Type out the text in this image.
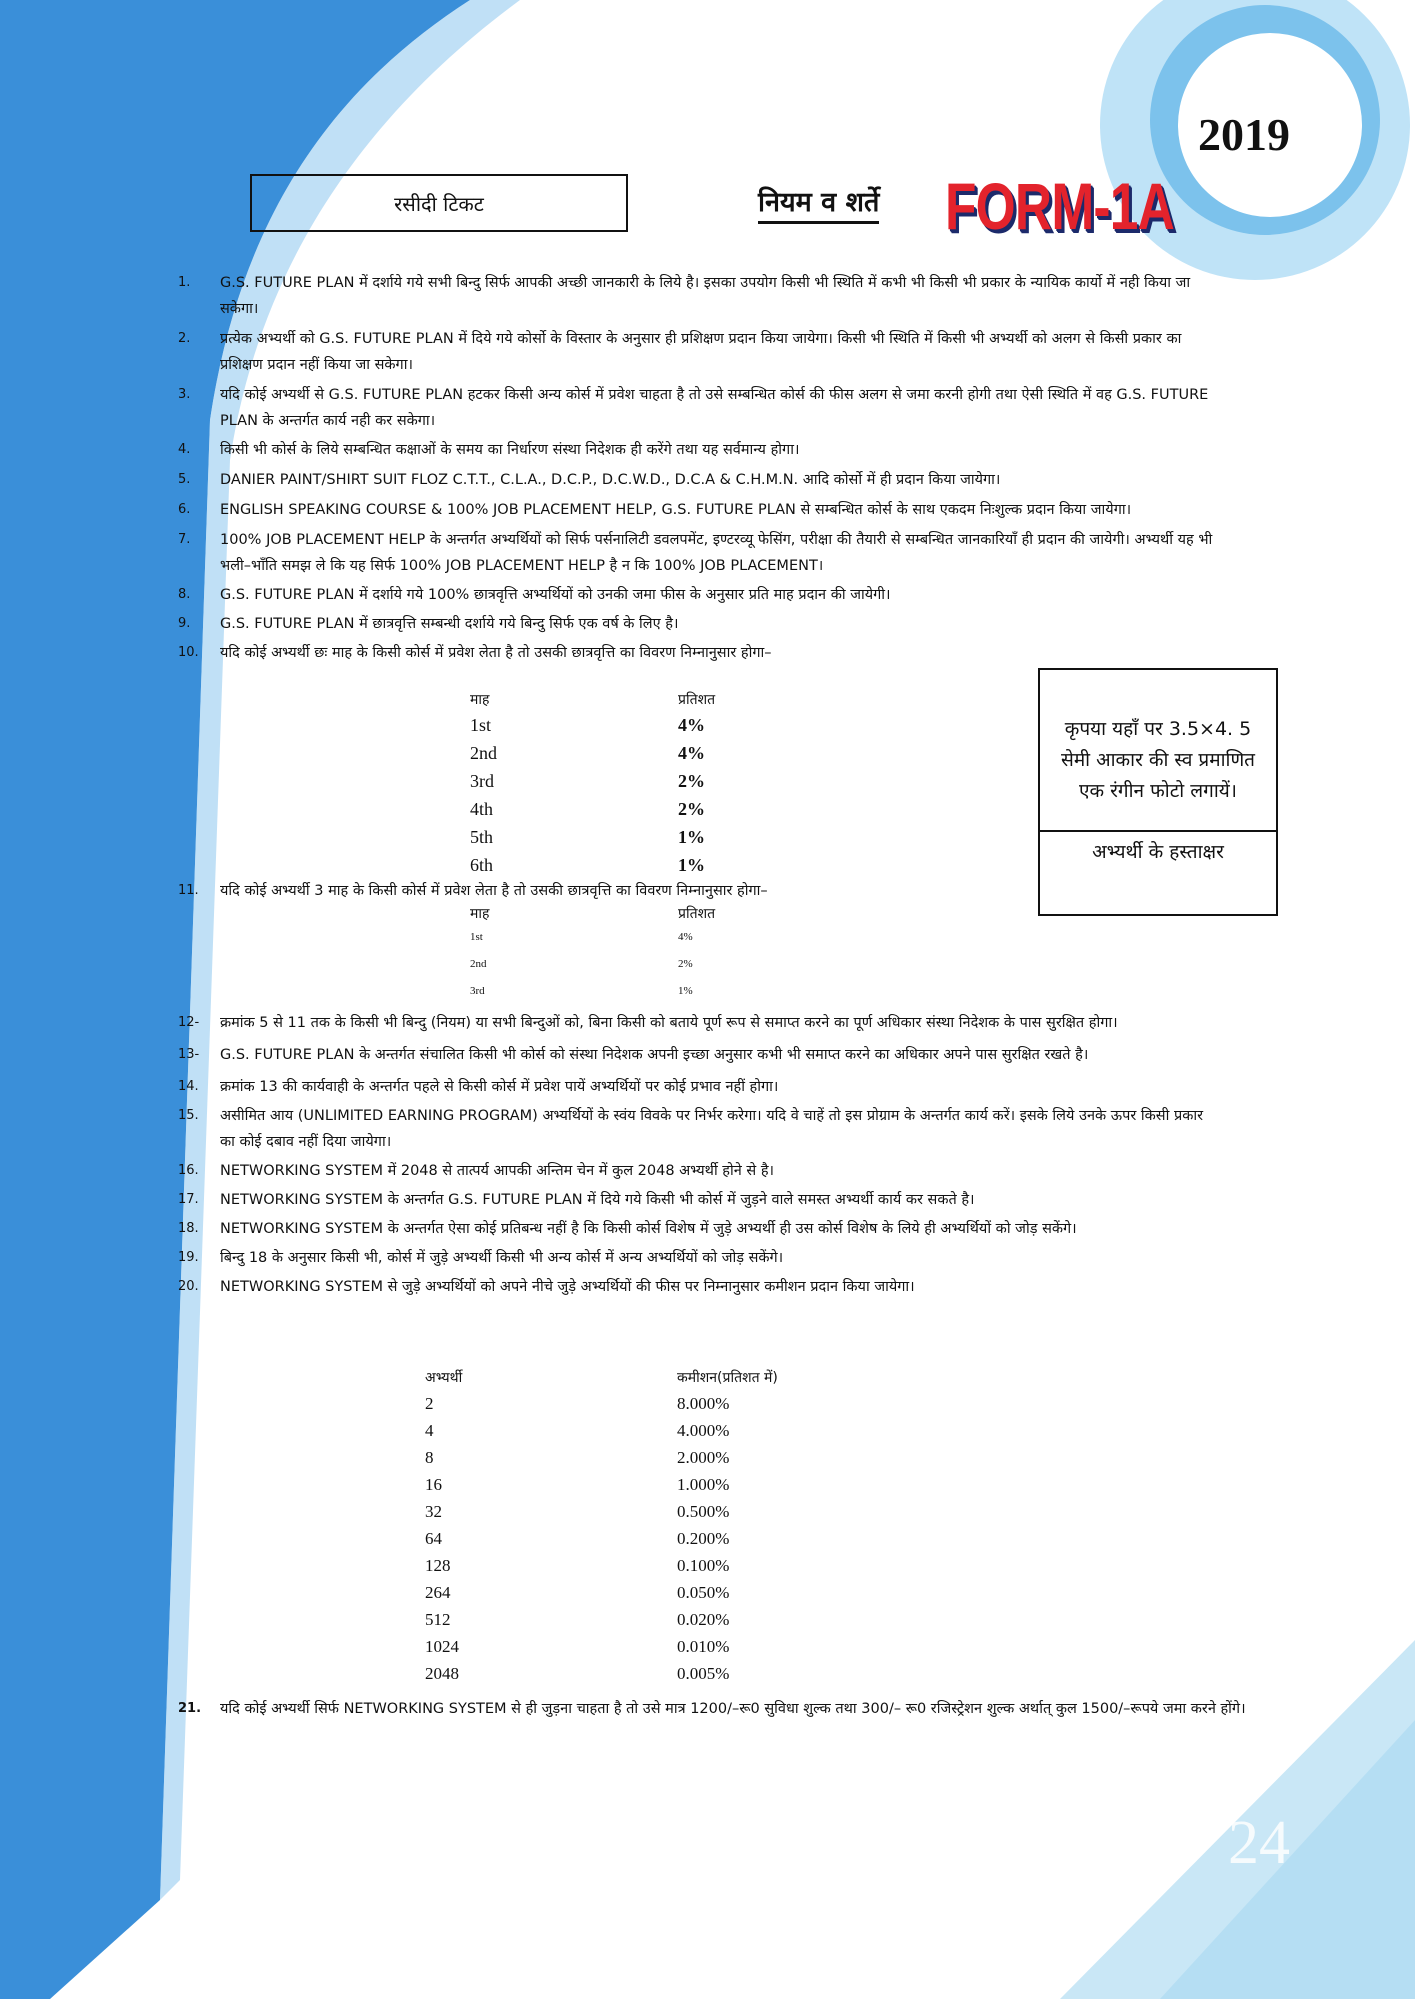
2019
रसीदी टिकट	नियम व शर्ते FORM-1A
1. G.S. FUTURE PLAN में दर्शाये गये सभी बिन्दु सिर्फ आपकी अच्छी जानकारी के लिये है। इसका उपयोग किसी भी स्थिति में कभी भी किसी भी प्रकार के न्यायिक कार्यो में नही किया जा सकेगा।
2. प्रत्येक अभ्यर्थी को G.S. FUTURE PLAN में दिये गये कोर्सो के विस्तार के अनुसार ही प्रशिक्षण प्रदान किया जायेगा। किसी भी स्थिति में किसी भी अभ्यर्थी को अलग से किसी प्रकार का प्रशिक्षण प्रदान नहीं किया जा सकेगा।
3. यदि कोई अभ्यर्थी से G.S. FUTURE PLAN हटकर किसी अन्य कोर्स में प्रवेश चाहता है तो उसे सम्बन्धित कोर्स की फीस अलग से जमा करनी होगी तथा ऐसी स्थिति में वह G.S. FUTURE PLAN के अन्तर्गत कार्य नही कर सकेगा।
4. किसी भी कोर्स के लिये सम्बन्धित कक्षाओं के समय का निर्धारण संस्था निदेशक ही करेंगे तथा यह सर्वमान्य होगा।
5. DANIER PAINT/SHIRT SUIT FLOZ C.T.T., C.L.A., D.C.P., D.C.W.D., D.C.A & C.H.M.N. आदि कोर्सो में ही प्रदान किया जायेगा।
6. ENGLISH SPEAKING COURSE & 100% JOB PLACEMENT HELP, G.S. FUTURE PLAN से सम्बन्धित कोर्स के साथ एकदम निःशुल्क प्रदान किया जायेगा।
7. 100% JOB PLACEMENT HELP के अन्तर्गत अभ्यर्थियों को सिर्फ पर्सनालिटी डवलपमेंट, इण्टरव्यू फेसिंग, परीक्षा की तैयारी से सम्बन्धित जानकारियाँ ही प्रदान की जायेगी। अभ्यर्थी यह भी भली–भाँति समझ ले कि यह सिर्फ 100% JOB PLACEMENT HELP है न कि 100% JOB PLACEMENT।
8. G.S. FUTURE PLAN में दर्शाये गये 100% छात्रवृत्ति अभ्यर्थियों को उनकी जमा फीस के अनुसार प्रति माह प्रदान की जायेगी।
9. G.S. FUTURE PLAN में छात्रवृत्ति सम्बन्धी दर्शाये गये बिन्दु सिर्फ एक वर्ष के लिए है।
10. यदि कोई अभ्यर्थी छः माह के किसी कोर्स में प्रवेश लेता है तो उसकी छात्रवृत्ति का विवरण निम्नानुसार होगा–
माह	प्रतिशत
1st	4%
2nd	4%
3rd	2%
4th	2%
5th	1%
6th	1%
11. यदि कोई अभ्यर्थी 3 माह के किसी कोर्स में प्रवेश लेता है तो उसकी छात्रवृत्ति का विवरण निम्नानुसार होगा–
माह	प्रतिशत
1st	4%
2nd	2%
3rd	1%
12- क्रमांक 5 से 11 तक के किसी भी बिन्दु (नियम) या सभी बिन्दुओं को, बिना किसी को बताये पूर्ण रूप से समाप्त करने का पूर्ण अधिकार संस्था निदेशक के पास सुरक्षित होगा।
13- G.S. FUTURE PLAN के अन्तर्गत संचालित किसी भी कोर्स को संस्था निदेशक अपनी इच्छा अनुसार कभी भी समाप्त करने का अधिकार अपने पास सुरक्षित रखते है।
14. क्रमांक 13 की कार्यवाही के अन्तर्गत पहले से किसी कोर्स में प्रवेश पायें अभ्यर्थियों पर कोई प्रभाव नहीं होगा।
15. असीमित आय (UNLIMITED EARNING PROGRAM) अभ्यर्थियों के स्वंय विवके पर निर्भर करेगा। यदि वे चाहें तो इस प्रोग्राम के अन्तर्गत कार्य करें। इसके लिये उनके ऊपर किसी प्रकार का कोई दबाव नहीं दिया जायेगा।
16. NETWORKING SYSTEM में 2048 से तात्पर्य आपकी अन्तिम चेन में कुल 2048 अभ्यर्थी होने से है।
17. NETWORKING SYSTEM के अन्तर्गत G.S. FUTURE PLAN में दिये गये किसी भी कोर्स में जुड़ने वाले समस्त अभ्यर्थी कार्य कर सकते है।
18. NETWORKING SYSTEM के अन्तर्गत ऐसा कोई प्रतिबन्ध नहीं है कि किसी कोर्स विशेष में जुड़े अभ्यर्थी ही उस कोर्स विशेष के लिये ही अभ्यर्थियों को जोड़ सकेंगे।
19. बिन्दु 18 के अनुसार किसी भी, कोर्स में जुड़े अभ्यर्थी किसी भी अन्य कोर्स में अन्य अभ्यर्थियों को जोड़ सकेंगे।
20. NETWORKING SYSTEM से जुड़े अभ्यर्थियों को अपने नीचे जुड़े अभ्यर्थियों की फीस पर निम्नानुसार कमीशन प्रदान किया जायेगा।
अभ्यर्थी	कमीशन(प्रतिशत में)
2	8.000%
4	4.000%
8	2.000%
16	1.000%
32	0.500%
64	0.200%
128	0.100%
264	0.050%
512	0.020%
1024	0.010%
2048	0.005%
21. यदि कोई अभ्यर्थी सिर्फ NETWORKING SYSTEM से ही जुड़ना चाहता है तो उसे मात्र 1200/–रू0 सुविधा शुल्क तथा 300/– रू0 रजिस्ट्रेशन शुल्क अर्थात् कुल 1500/–रूपये जमा करने होंगे।
कृपया यहाँ पर 3.5×4. 5 सेमी आकार की स्व प्रमाणित एक रंगीन फोटो लगायें।
अभ्यर्थी के हस्ताक्षर
24
